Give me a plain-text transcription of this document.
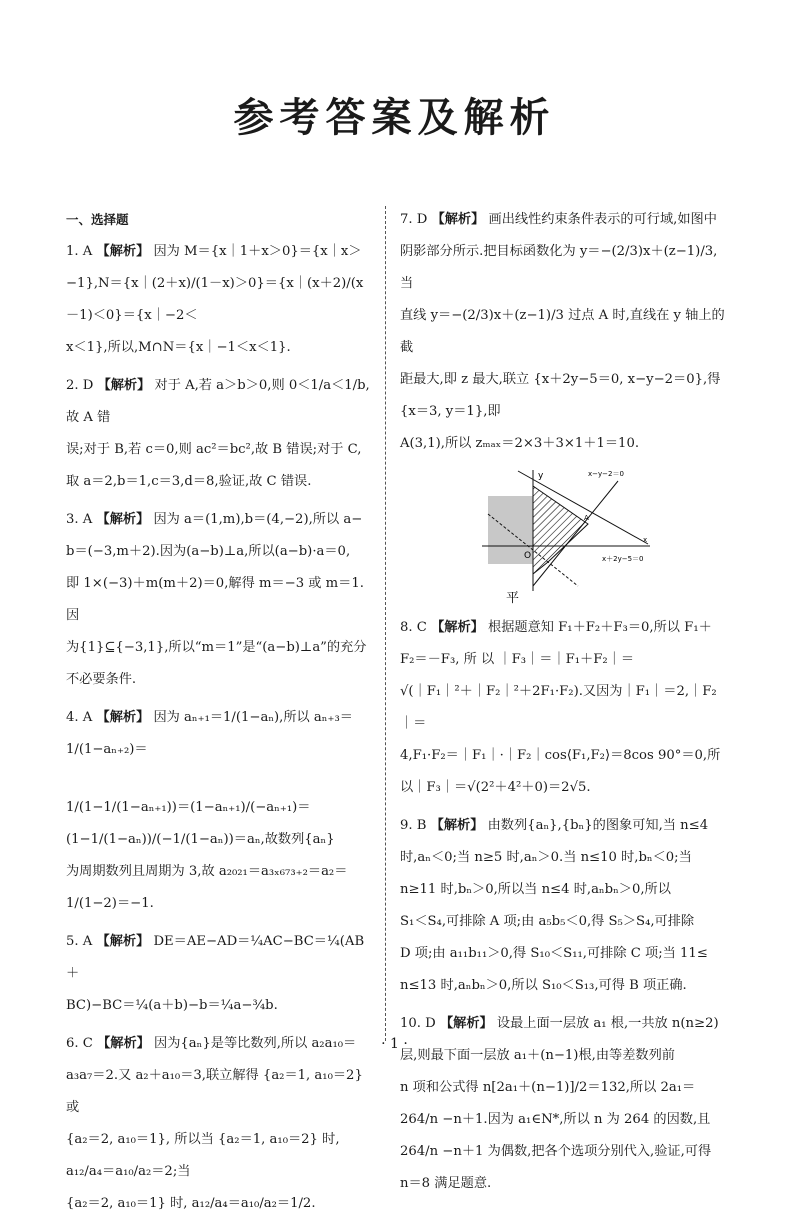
参考答案及解析
一、选择题
1. A 【解析】 因为 M＝{x｜1＋x＞0}＝{x｜x＞

−1},N＝{x｜(2＋x)/(1－x)＞0}＝{x｜(x＋2)/(x－1)＜0}＝{x｜−2＜

x＜1},所以,M∩N＝{x｜−1＜x＜1}.

2. D 【解析】 对于 A,若 a＞b＞0,则 0＜1/a＜1/b,故 A 错

误;对于 B,若 c＝0,则 ac²＝bc²,故 B 错误;对于 C,

取 a＝2,b＝1,c＝3,d＝8,验证,故 C 错误.

3. A 【解析】 因为 a＝(1,m),b＝(4,−2),所以 a−

b＝(−3,m＋2).因为(a−b)⊥a,所以(a−b)·a＝0,

即 1×(−3)＋m(m＋2)＝0,解得 m＝−3 或 m＝1.因

为{1}⊆{−3,1},所以“m＝1”是“(a−b)⊥a”的充分

不必要条件.

4. A 【解析】 因为 aₙ₊₁＝1/(1−aₙ),所以 aₙ₊₃＝1/(1−aₙ₊₂)＝

1/(1−1/(1−aₙ₊₁))＝(1−aₙ₊₁)/(−aₙ₊₁)＝(1−1/(1−aₙ))/(−1/(1−aₙ))＝aₙ,故数列{aₙ}

为周期数列且周期为 3,故 a₂₀₂₁＝a₃ₓ₆₇₃₊₂＝a₂＝

1/(1−2)＝−1.

5. A 【解析】 DE＝AE−AD＝¼AC−BC＝¼(AB＋

BC)−BC＝¼(a＋b)−b＝¼a−¾b.

6. C 【解析】 因为{aₙ}是等比数列,所以 a₂a₁₀＝

a₃a₇＝2.又 a₂＋a₁₀＝3,联立解得 {a₂＝1, a₁₀＝2} 或

{a₂＝2, a₁₀＝1}, 所以当 {a₂＝1, a₁₀＝2} 时, a₁₂/a₄＝a₁₀/a₂＝2;当

{a₂＝2, a₁₀＝1} 时, a₁₂/a₄＝a₁₀/a₂＝1/2.

7. D 【解析】 画出线性约束条件表示的可行域,如图中

阴影部分所示.把目标函数化为 y＝−(2/3)x＋(z−1)/3,当

直线 y＝−(2/3)x＋(z−1)/3 过点 A 时,直线在 y 轴上的截

距最大,即 z 最大,联立 {x＋2y−5＝0, x−y−2＝0},得 {x＝3, y＝1},即

A(3,1),所以 zₘₐₓ＝2×3＋3×1＋1＝10.

y	x−y−2＝0
A
O
x
x＋2y−5＝0
平
8. C 【解析】 根据题意知 F₁＋F₂＋F₃＝0,所以 F₁＋

F₂＝－F₃, 所 以 ｜F₃｜＝｜F₁＋F₂｜＝

√(｜F₁｜²＋｜F₂｜²＋2F₁·F₂).又因为｜F₁｜＝2,｜F₂｜＝

4,F₁·F₂＝｜F₁｜·｜F₂｜cos⟨F₁,F₂⟩＝8cos 90°＝0,所

以｜F₃｜＝√(2²＋4²＋0)＝2√5.

9. B 【解析】 由数列{aₙ},{bₙ}的图象可知,当 n≤4

时,aₙ＜0;当 n≥5 时,aₙ＞0.当 n≤10 时,bₙ＜0;当

n≥11 时,bₙ＞0,所以当 n≤4 时,aₙbₙ＞0,所以

S₁＜S₄,可排除 A 项;由 a₅b₅＜0,得 S₅＞S₄,可排除

D 项;由 a₁₁b₁₁＞0,得 S₁₀＜S₁₁,可排除 C 项;当 11≤

n≤13 时,aₙbₙ＞0,所以 S₁₀＜S₁₃,可得 B 项正确.

10. D 【解析】 设最上面一层放 a₁ 根,一共放 n(n≥2)

层,则最下面一层放 a₁＋(n−1)根,由等差数列前

n 项和公式得 n[2a₁＋(n−1)]/2＝132,所以 2a₁＝

264/n −n＋1.因为 a₁∈N*,所以 n 为 264 的因数,且

264/n −n＋1 为偶数,把各个选项分别代入,验证,可得

n＝8 满足题意.

· 1 ·
